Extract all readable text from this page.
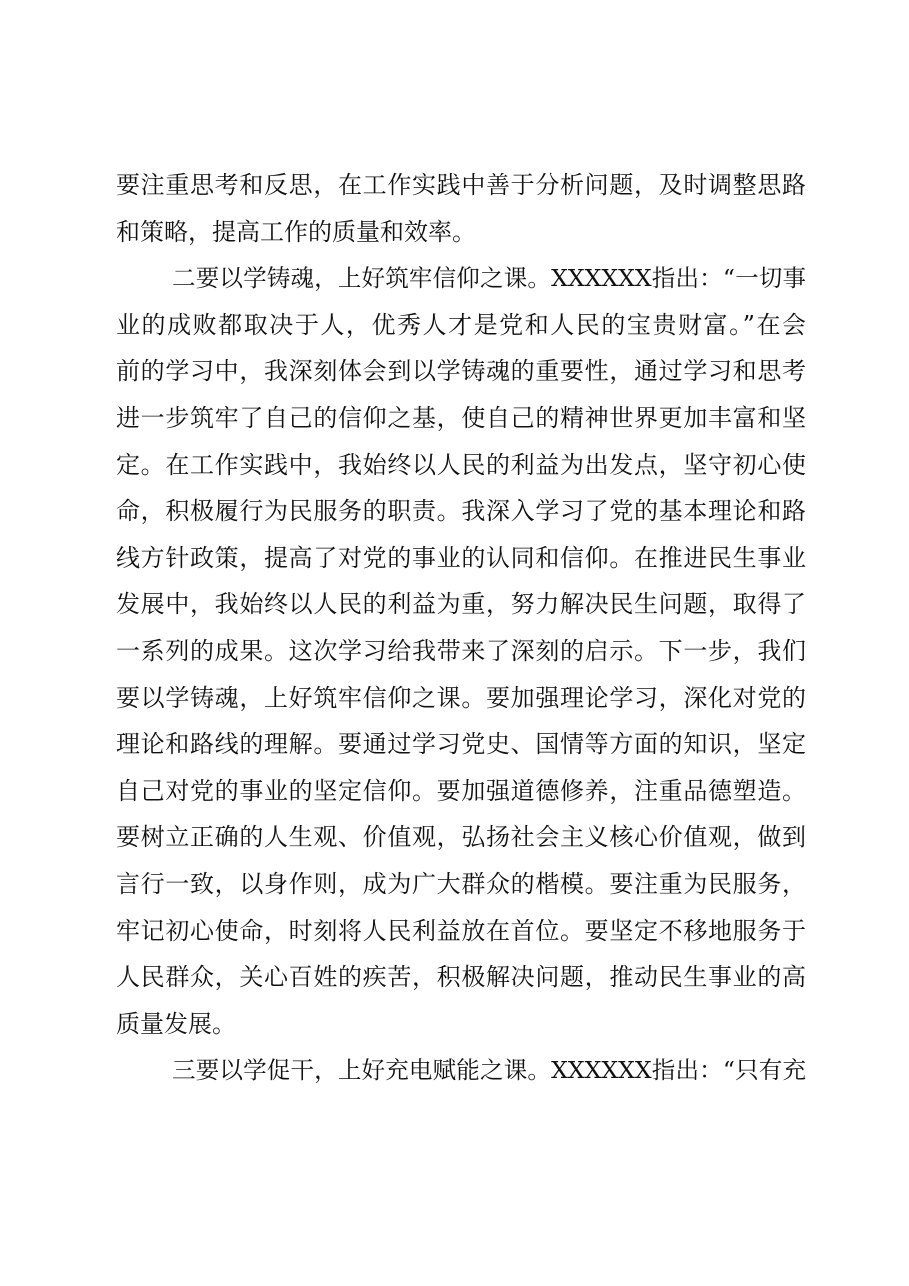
要注重思考和反思，在工作实践中善于分析问题，及时调整思路
和策略，提高工作的质量和效率。
二要以学铸魂，上好筑牢信仰之课。XXXXXX指出：“一切事
业的成败都取决于人，优秀人才是党和人民的宝贵财富。”在会
前的学习中，我深刻体会到以学铸魂的重要性，通过学习和思考
进一步筑牢了自己的信仰之基，使自己的精神世界更加丰富和坚
定。在工作实践中，我始终以人民的利益为出发点，坚守初心使
命，积极履行为民服务的职责。我深入学习了党的基本理论和路
线方针政策，提高了对党的事业的认同和信仰。在推进民生事业
发展中，我始终以人民的利益为重，努力解决民生问题，取得了
一系列的成果。这次学习给我带来了深刻的启示。下一步，我们
要以学铸魂，上好筑牢信仰之课。要加强理论学习，深化对党的
理论和路线的理解。要通过学习党史、国情等方面的知识，坚定
自己对党的事业的坚定信仰。要加强道德修养，注重品德塑造。
要树立正确的人生观、价值观，弘扬社会主义核心价值观，做到
言行一致，以身作则，成为广大群众的楷模。要注重为民服务，
牢记初心使命，时刻将人民利益放在首位。要坚定不移地服务于
人民群众，关心百姓的疾苦，积极解决问题，推动民生事业的高
质量发展。
三要以学促干，上好充电赋能之课。XXXXXX指出：“只有充
